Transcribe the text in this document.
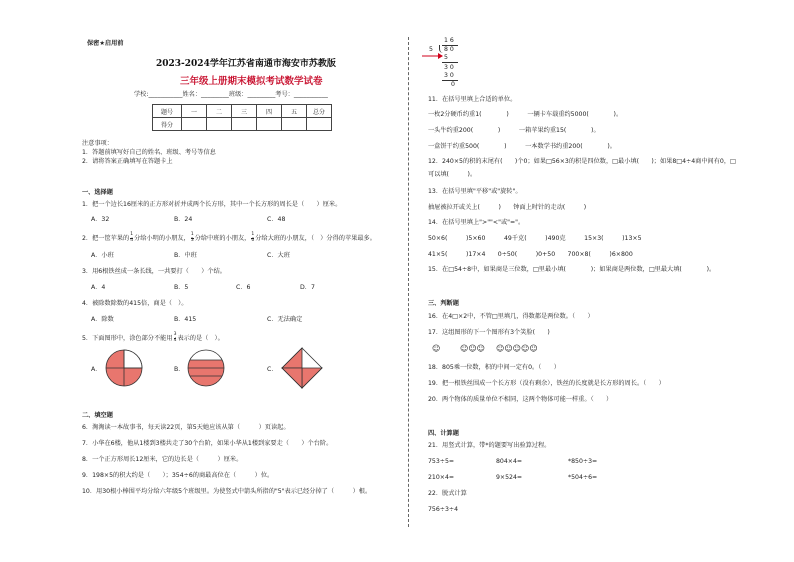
保密★启用前
2023-2024学年江苏省南通市海安市苏教版
三年级上册期末模拟考试数学试卷
学校:___________姓名：_________班级：_________考号：___________
题号	一	二	三	四	五	总分
得分						
注意事项：
1．答题前填写好自己的姓名、班级、考号等信息
2．请将答案正确填写在答题卡上
一、选择题
1．把一个边长16厘米的正方形对折并成两个长方形，其中一个长方形的周长是（　　）厘米。
A．32	B．24	C．48
2．把一筐苹果的 $\frac{1}{4}$ 分给小明的小朋友， $\frac{1}{3}$ 分给中班的小朋友， $\frac{1}{6}$ 分给大班的小朋友，（　）分得的苹果最多。
A．小班	B．中班	C．大班
3．用6根铁丝成一条长线，一共要打（　　）个结。
A．4	B．5	C．6	D．7
4．被除数除数的415倍，商是（　）。
A．除数	B．415	C．无法确定
5．下面图形中，涂色部分不能用 $\frac{3}{4}$ 表示的是（　）。
A．	B．	C．
二、填空题
6．淘淘读一本故事书，每天读22页，第5天她应该从第（　　　）页读起。
7．小华在6楼，他从1楼到3楼共走了30个台阶，如果小华从1楼到家要走（　　）个台阶。
8．一个正方形周长12厘米，它的边长是（　　　）厘米。
9．198×5的积大约是（　　）；354÷6的商最高位在（　　　）位。
10．用30根小棒围平均分给六年级5个班级里。为使竖式中箭头所指的"5"表示已经分掉了（　　　）根。
1 6
5 8 0
5
3 0
3 0
0
11．在括号里填上合适的单位。
一枚2分硬币约重1(　　　　)　　　一辆卡车载重约5000(　　　　)。
一头牛约重200(　　　　)　　　一箱苹果约重15(　　　　)。
一盒饼干约重500(　　　　)　　　一本数学书约重200(　　　　)。
12．240×5的积的末尾有(　　)个0；如果□56×3的积是四位数，□最小填(　　)；如果8□4÷4商中间有0，□
可以填(　　　)。
13．在括号里填"平移"或"旋转"。
抽屉被拉开或关上(　　　)　　钟面上时针的走动(　　　)
14．在括号里填上">""<"或"="。
50×6(　　　)5×60　　　49千克(　　　)490克　　　15×3(　　　)13×5
41×5(　　　)17×4　　0÷50(　　　)0+50　　700×8(　　　)6×800
15．在□54÷8中，如果商是三位数，□里最小填(　　　　)；如果商是两位数，□里最大填(　　　　)。
三、判断题
16．在4□×2中，不管□里填几，得数都是两位数。（　　）
17．这组图形的下一个图形有3个笑脸(　　)
☺ ☺☺☺ ☺☺☺☺☺
18．805乘一位数，积的中间一定有0。（　　）
19．把一根铁丝围成一个长方形（没有剩余），铁丝的长度就是长方形的周长。（　　）
20．两个物体的质量单位不相同，这两个物体可能一样重。（　　）
四、计算题
21．用竖式计算，带*的题要写出验算过程。
753÷5=	804×4=	*850÷3=
210×4=	9×524=	*504÷6=
22．脱式计算
756÷3÷4
